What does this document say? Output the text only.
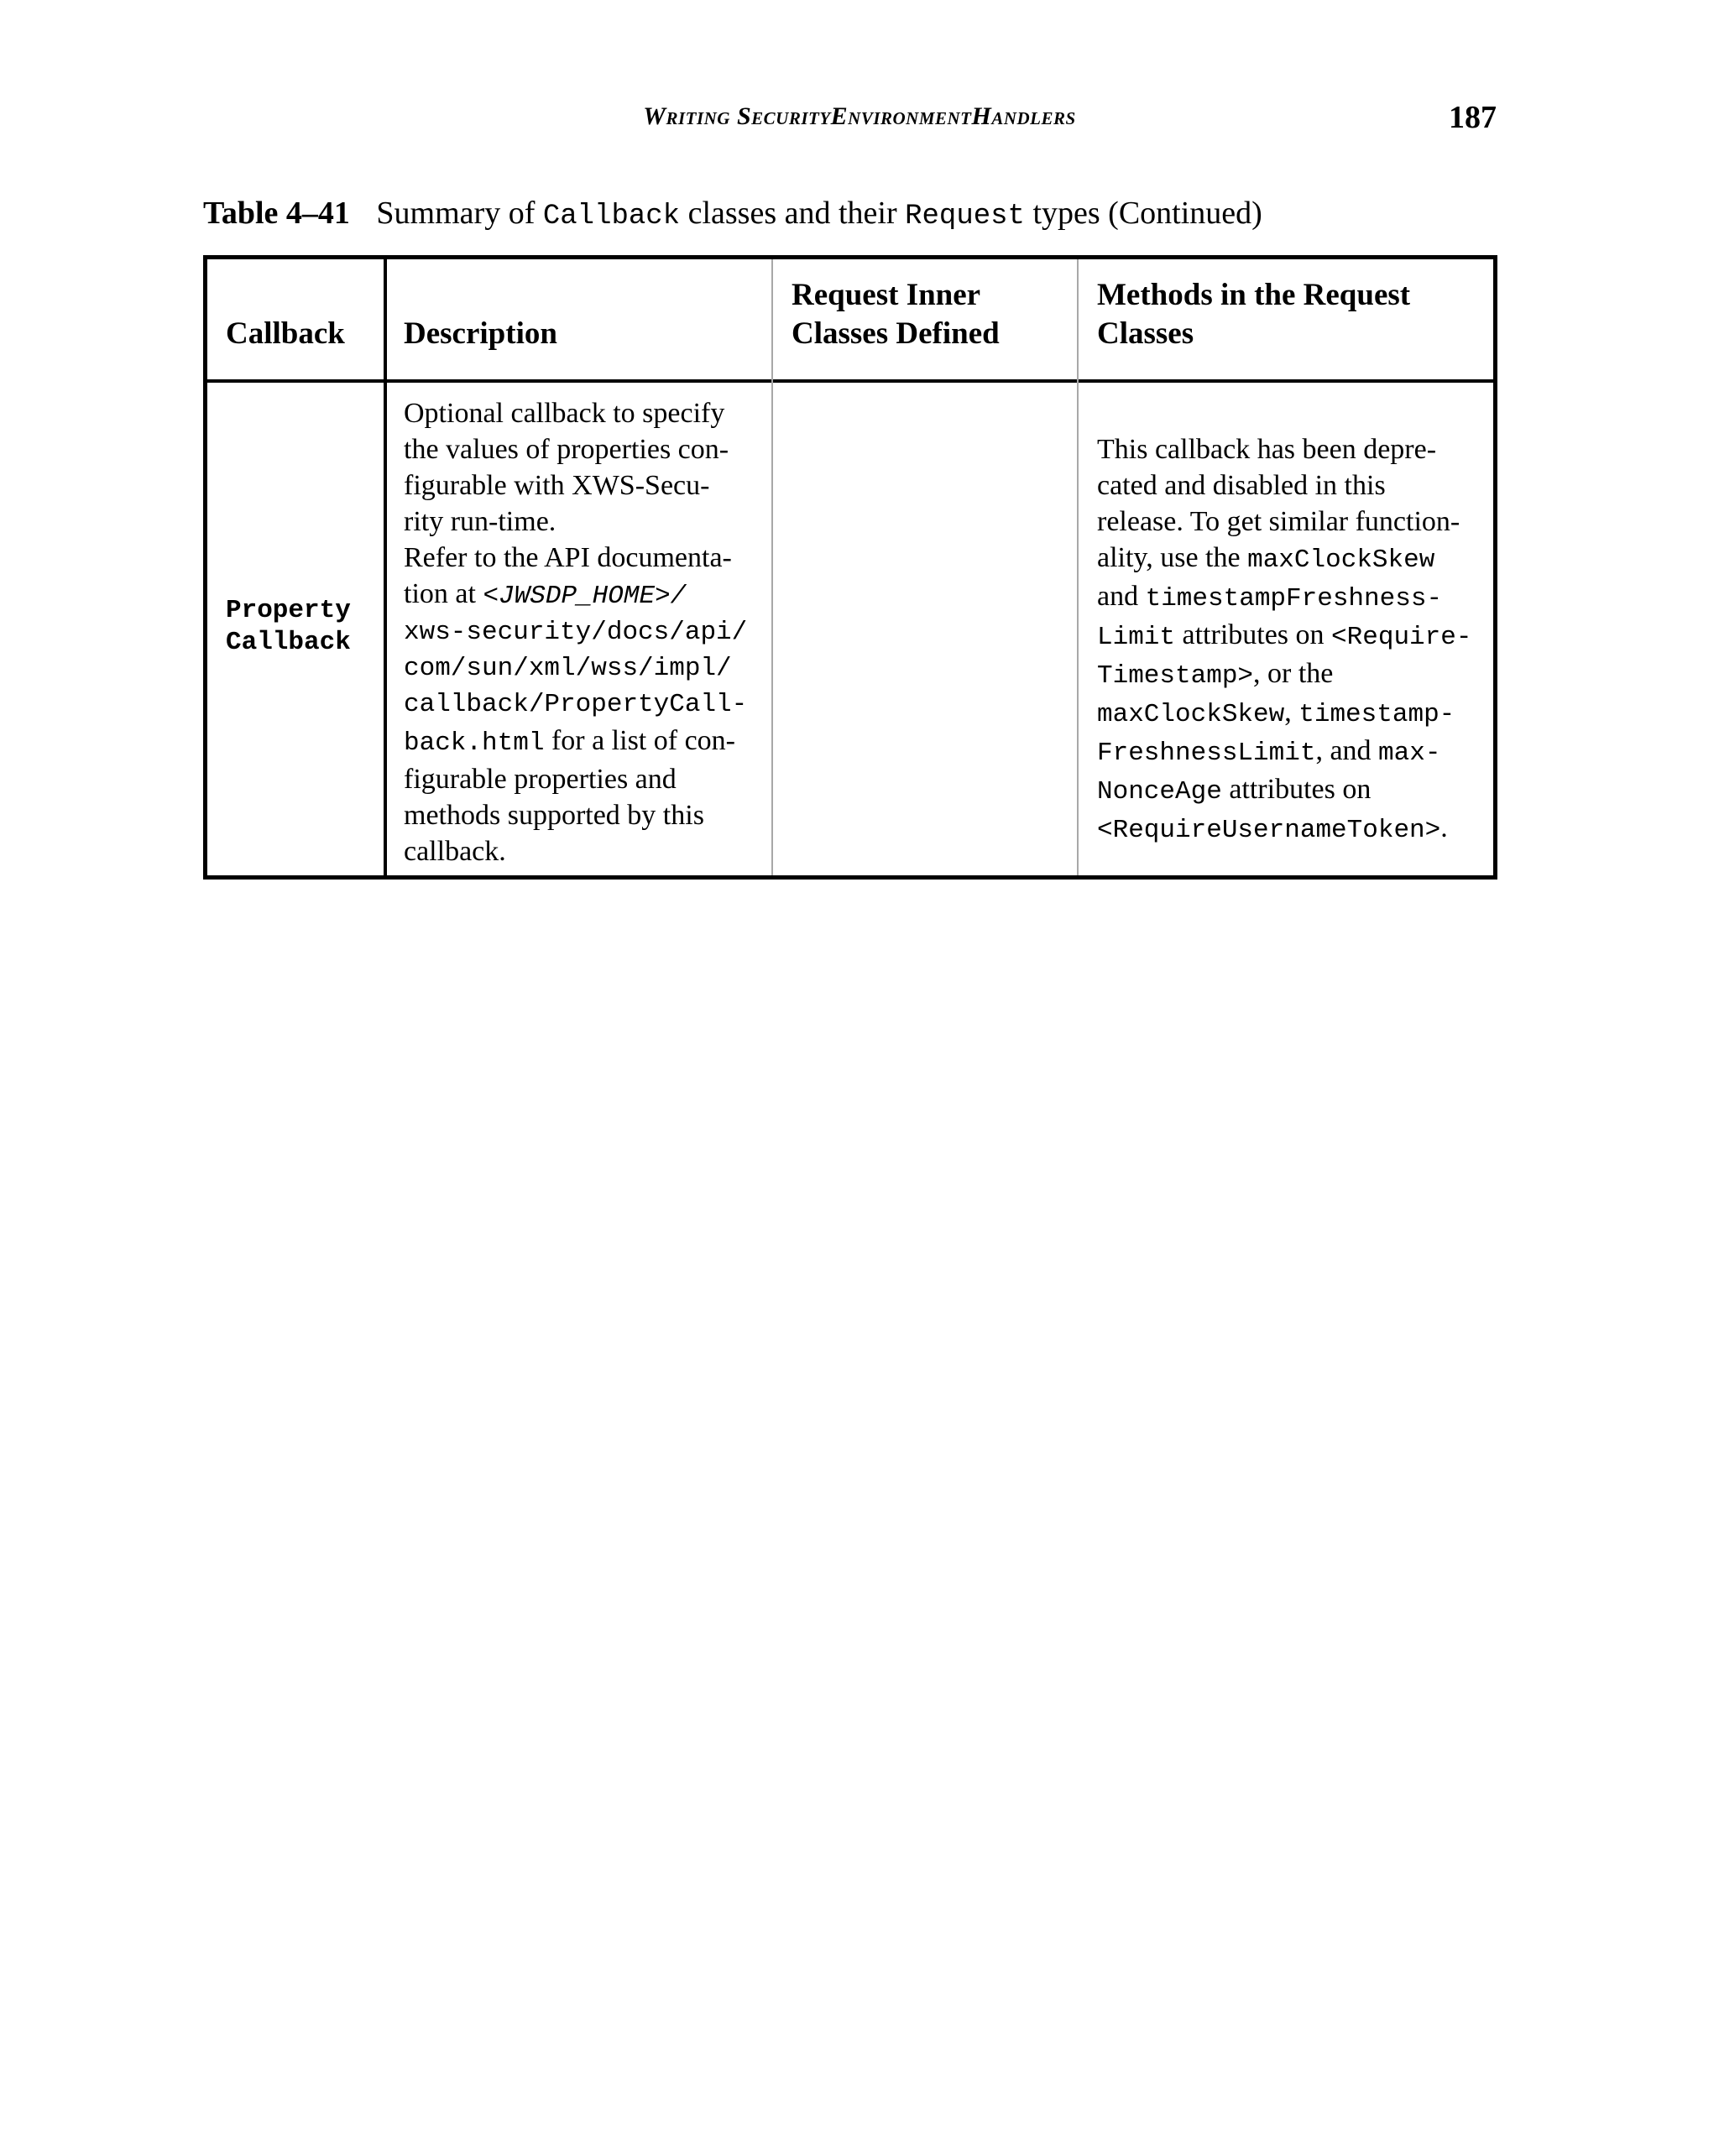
Writing SecurityEnvironmentHandlers	187
Table 4–41 Summary of Callback classes and their Request types (Continued)
Callback	Description
Request Inner
Classes Defined
Methods in the Request
Classes
Property
Callback
Optional callback to specify
the values of properties con-
figurable with XWS-Secu-
rity run-time.
Refer to the API documenta-
tion at <JWSDP_HOME>/
xws-security/docs/api/
com/sun/xml/wss/impl/
callback/PropertyCall-
back.html for a list of con-
figurable properties and
methods supported by this
callback.
This callback has been depre-
cated and disabled in this
release. To get similar function-
ality, use the maxClockSkew
and timestampFreshness-
Limit attributes on <Require-
Timestamp>, or the
maxClockSkew, timestamp-
FreshnessLimit, and max-
NonceAge attributes on
<RequireUsernameToken>.
